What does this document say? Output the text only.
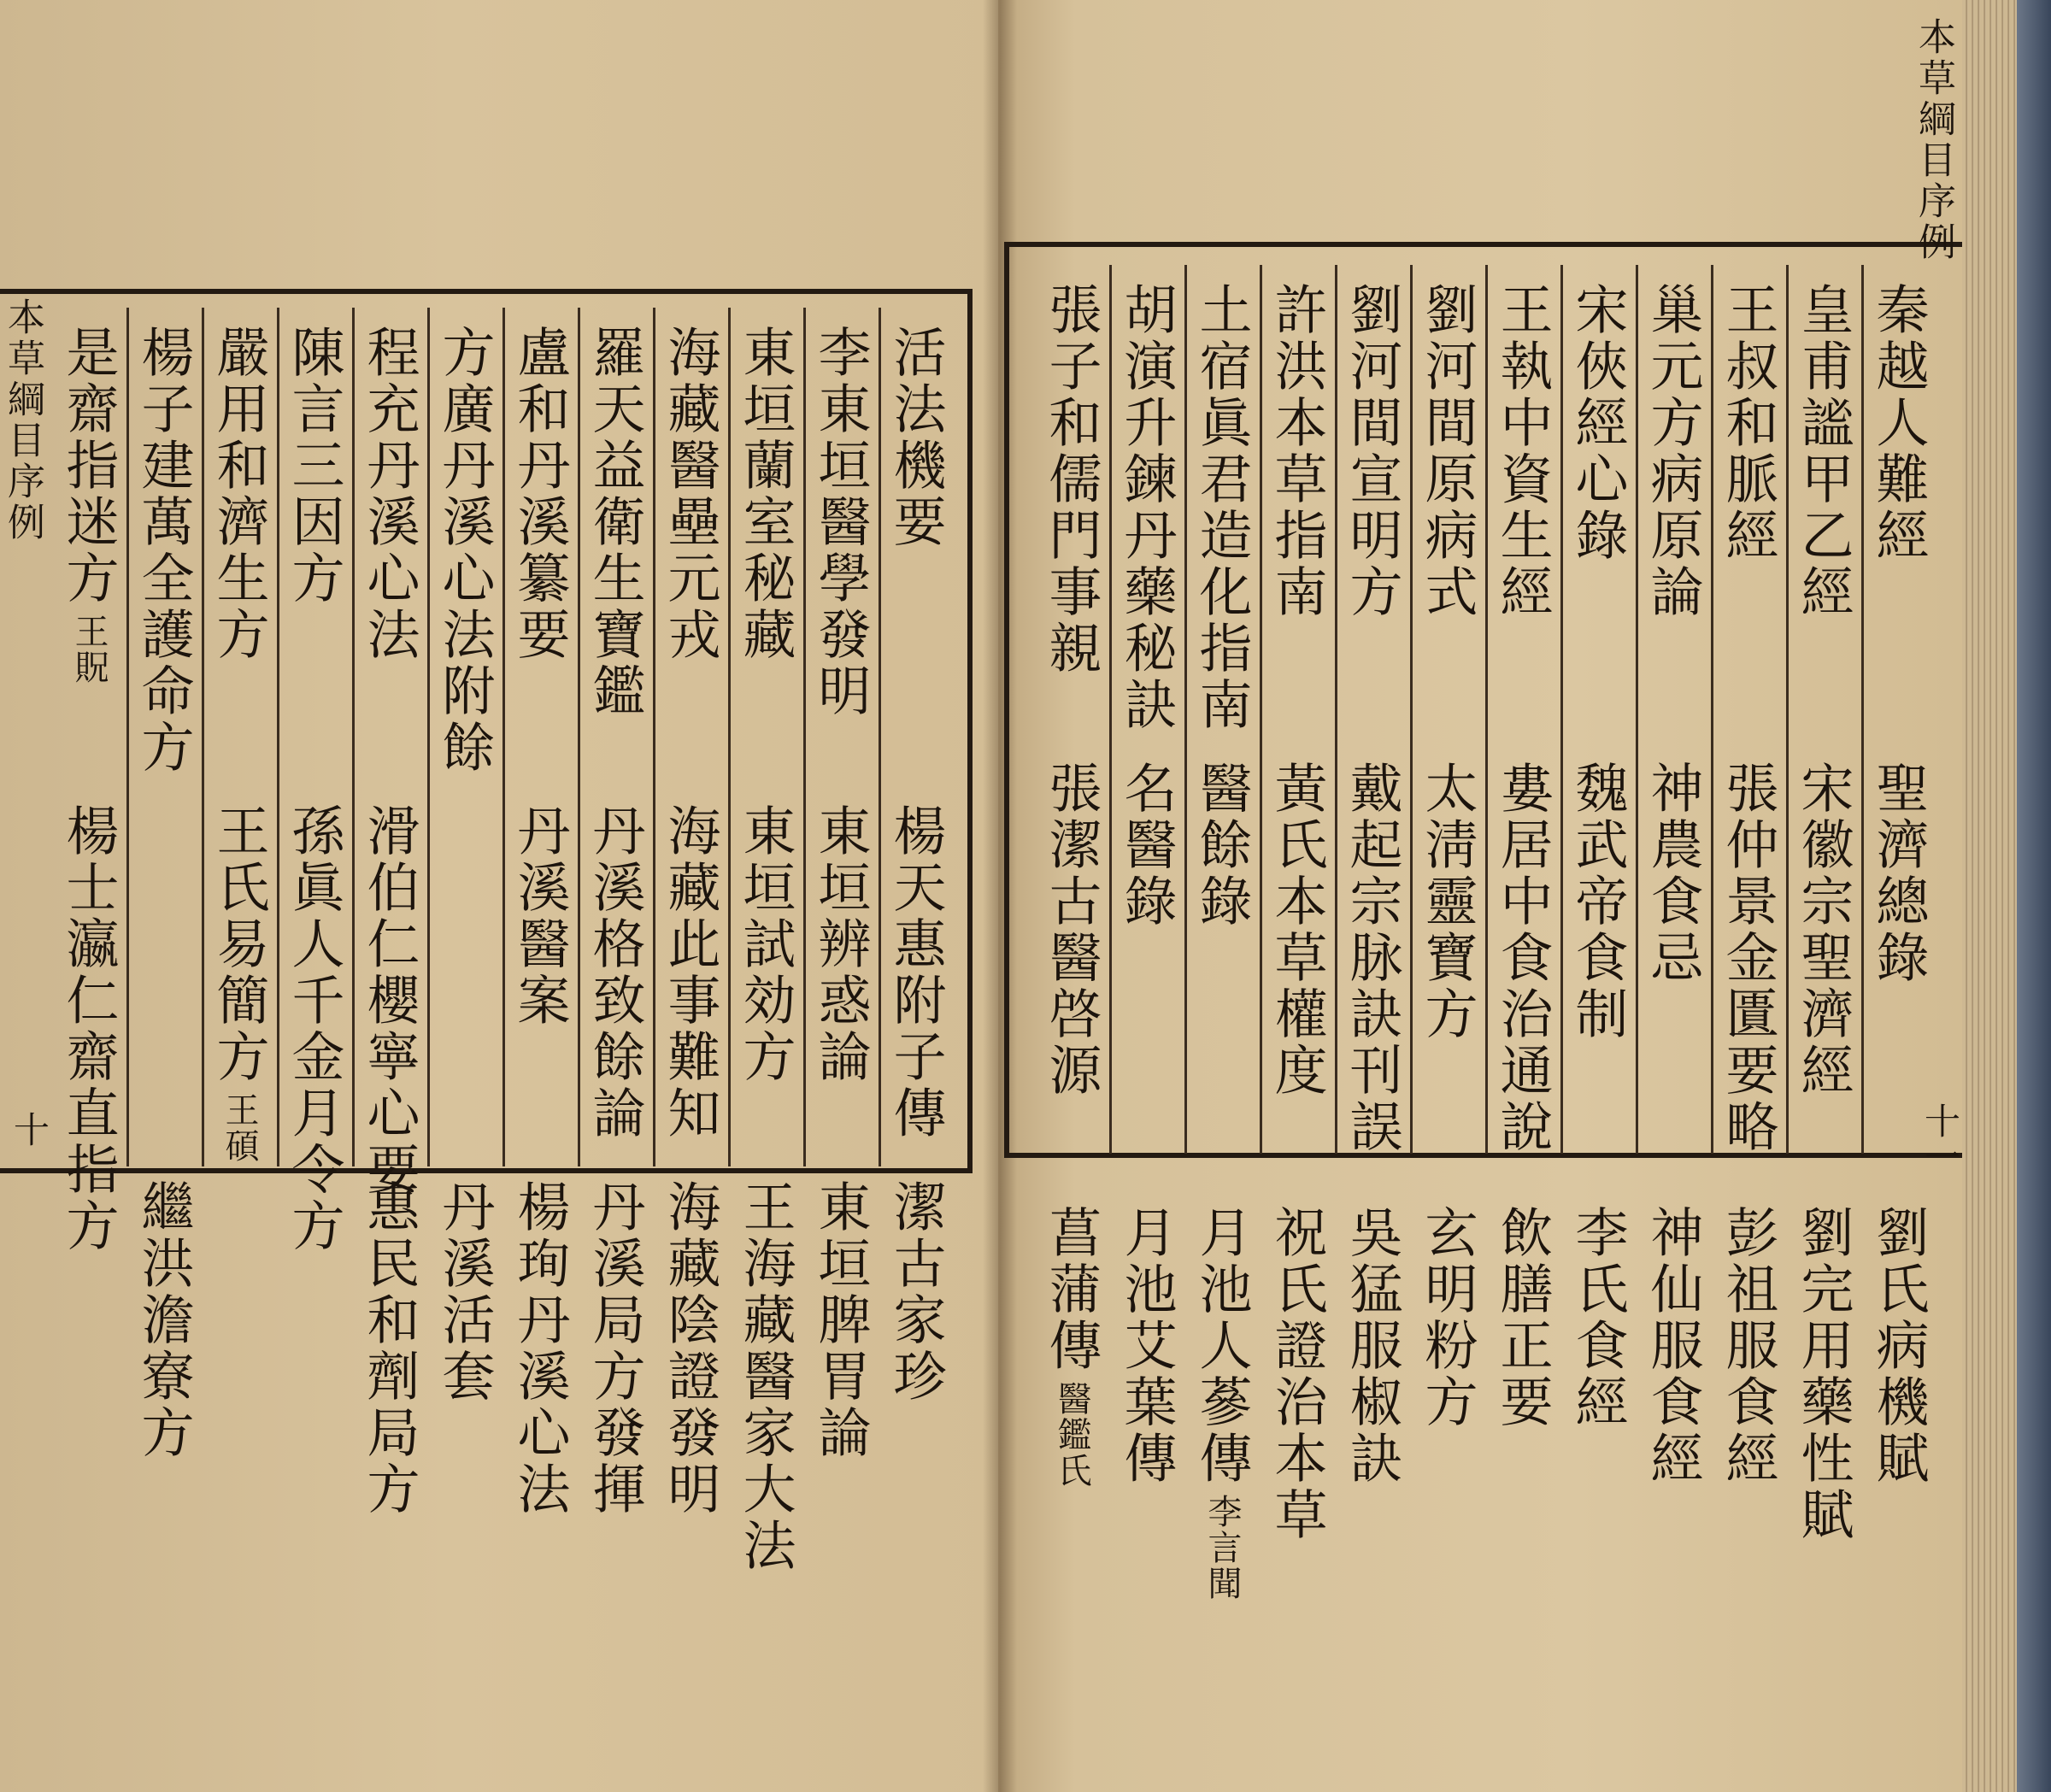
本草綱目序例
十
本草綱目序例
十一
活法機要
楊天惠附子傳
潔古家珍
李東垣醫學發明
東垣辨惑論
東垣脾胃論
東垣蘭室秘藏
東垣試効方
王海藏醫家大法
海藏醫壘元戎
海藏此事難知
海藏陰證發明
羅天益衛生寶鑑
丹溪格致餘論
丹溪局方發揮
盧和丹溪纂要
丹溪醫案
楊珣丹溪心法
方廣丹溪心法附餘
丹溪活套
程充丹溪心法
滑伯仁櫻寧心要
惠民和劑局方
陳言三因方
孫眞人千金月令方
嚴用和濟生方
王氏易簡方
王碩
楊子建萬全護命方
繼洪澹寮方
是齋指迷方
王貺
楊士瀛仁齋直指方
秦越人難經
聖濟總錄
劉氏病機賦
皇甫謐甲乙經
宋徽宗聖濟經
劉完用藥性賦
王叔和脈經
張仲景金匱要略
彭祖服食經
巢元方病原論
神農食忌
神仙服食經
宋俠經心錄
魏武帝食制
李氏食經
王執中資生經
婁居中食治通說
飲膳正要
劉河間原病式
太淸靈寶方
玄明粉方
劉河間宣明方
戴起宗脉訣刊誤
吳猛服椒訣
許洪本草指南
黃氏本草權度
祝氏證治本草
土宿眞君造化指南
醫餘錄
月池人蔘傳
李言聞
胡演升鍊丹藥秘訣
名醫錄
月池艾葉傳
張子和儒門事親
張潔古醫啓源
菖蒲傳
醫鑑氏
